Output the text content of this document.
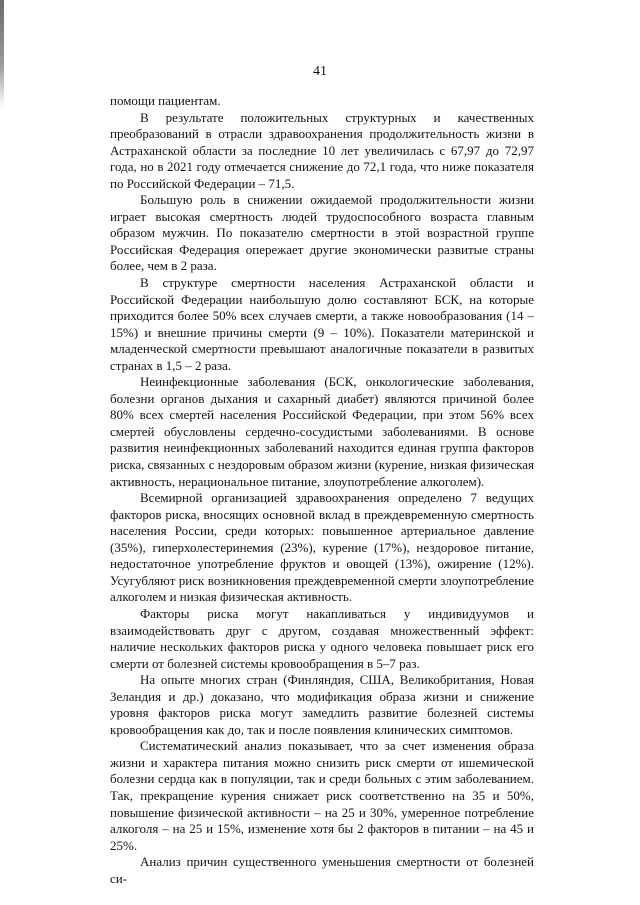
41

помощи пациентам.

В результате положительных структурных и качественных преобразований в отрасли здравоохранения продолжительность жизни в Астраханской области за последние 10 лет увеличилась с 67,97 до 72,97 года, но в 2021 году отмечается снижение до 72,1 года, что ниже показателя по Российской Федерации – 71,5.

Большую роль в снижении ожидаемой продолжительности жизни играет высокая смертность людей трудоспособного возраста главным образом мужчин. По показателю смертности в этой возрастной группе Российская Федерация опережает другие экономически развитые страны более, чем в 2 раза.

В структуре смертности населения Астраханской области и Российской Федерации наибольшую долю составляют БСК, на которые приходится более 50% всех случаев смерти, а также новообразования (14 – 15%) и внешние причины смерти (9 – 10%). Показатели материнской и младенческой смертности превышают аналогичные показатели в развитых странах в 1,5 – 2 раза.

Неинфекционные заболевания (БСК, онкологические заболевания, болезни органов дыхания и сахарный диабет) являются причиной более 80% всех смертей населения Российской Федерации, при этом 56% всех смертей обусловлены сердечно-сосудистыми заболеваниями. В основе развития неинфекционных заболеваний находится единая группа факторов риска, связанных с нездоровым образом жизни (курение, низкая физическая активность, нерациональное питание, злоупотребление алкоголем).

Всемирной организацией здравоохранения определено 7 ведущих факторов риска, вносящих основной вклад в преждевременную смертность населения России, среди которых: повышенное артериальное давление (35%), гиперхолестеринемия (23%), курение (17%), нездоровое питание, недостаточное употребление фруктов и овощей (13%), ожирение (12%). Усугубляют риск возникновения преждевременной смерти злоупотребление алкоголем и низкая физическая активность.

Факторы риска могут накапливаться у индивидуумов и взаимодействовать друг с другом, создавая множественный эффект: наличие нескольких факторов риска у одного человека повышает риск его смерти от болезней системы кровообращения в 5–7 раз.

На опыте многих стран (Финляндия, США, Великобритания, Новая Зеландия и др.) доказано, что модификация образа жизни и снижение уровня факторов риска могут замедлить развитие болезней системы кровообращения как до, так и после появления клинических симптомов.

Систематический анализ показывает, что за счет изменения образа жизни и характера питания можно снизить риск смерти от ишемической болезни сердца как в популяции, так и среди больных с этим заболеванием. Так, прекращение курения снижает риск соответственно на 35 и 50%, повышение физической активности – на 25 и 30%, умеренное потребление алкоголя – на 25 и 15%, изменение хотя бы 2 факторов в питании – на 45 и 25%.

Анализ причин существенного уменьшения смертности от болезней си-
